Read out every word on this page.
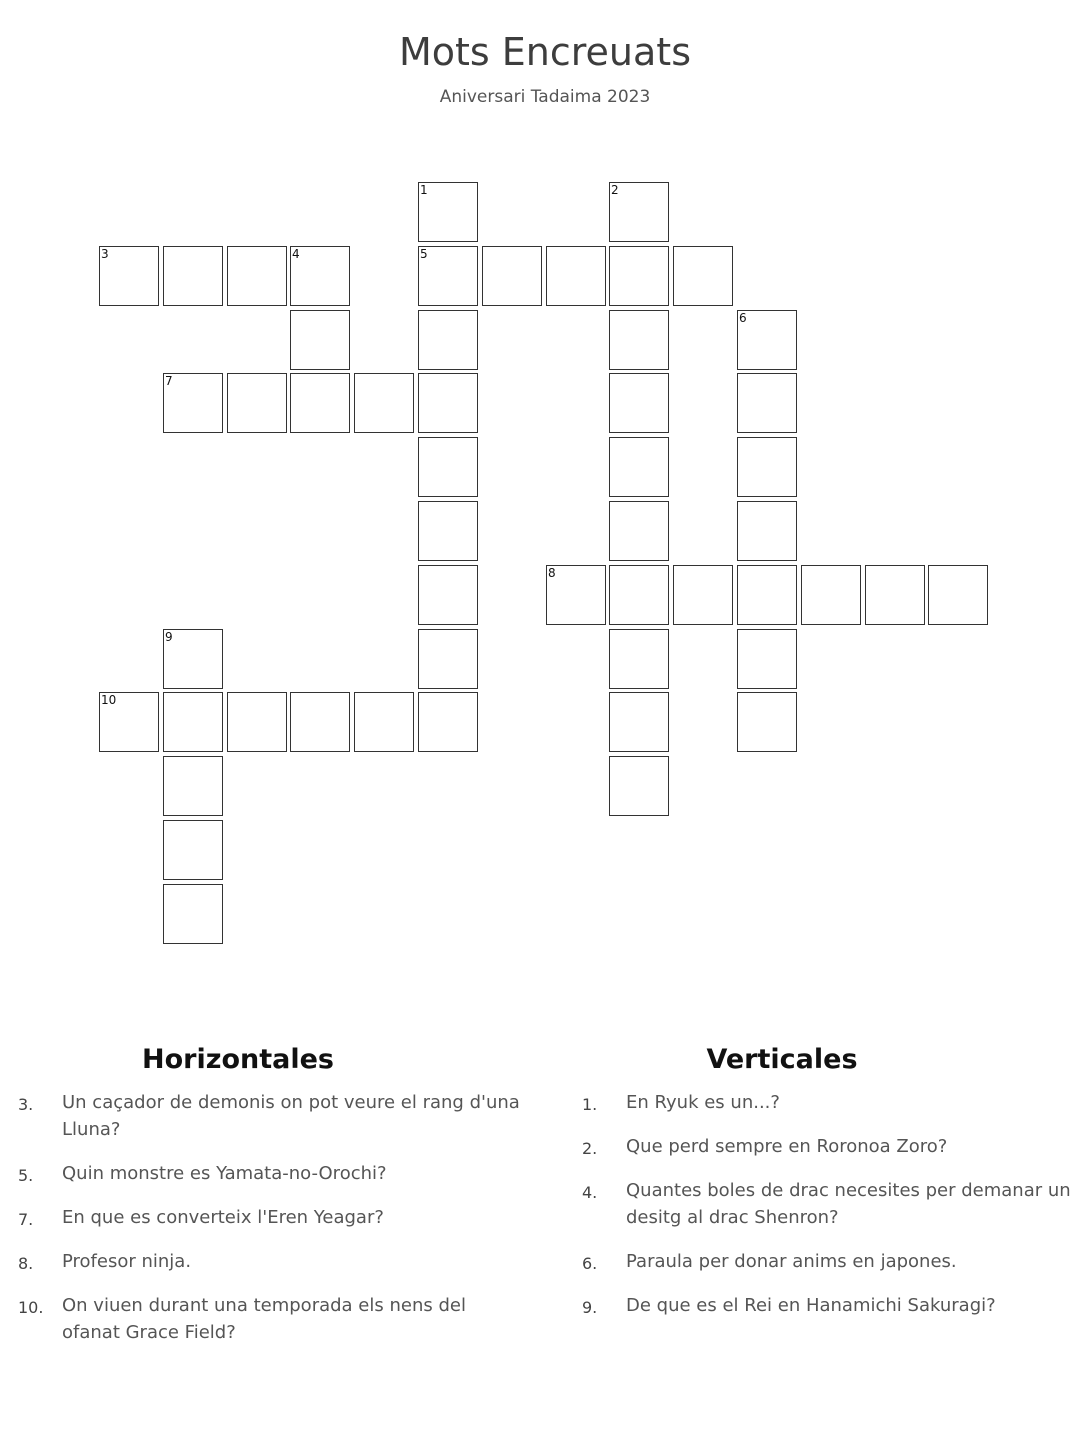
Mots Encreuats
Aniversari Tadaima 2023
1	2
3	4	5
6
7
8
9
10
Horizontales
3. Un caçador de demonis on pot veure el rang d'una Lluna?
5. Quin monstre es Yamata-no-Orochi?
7. En que es converteix l'Eren Yeagar?
8. Profesor ninja.
10. On viuen durant una temporada els nens del ofanat Grace Field?
Verticales
1. En Ryuk es un...?
2. Que perd sempre en Roronoa Zoro?
4. Quantes boles de drac necesites per demanar un desitg al drac Shenron?
6. Paraula per donar anims en japones.
9. De que es el Rei en Hanamichi Sakuragi?
